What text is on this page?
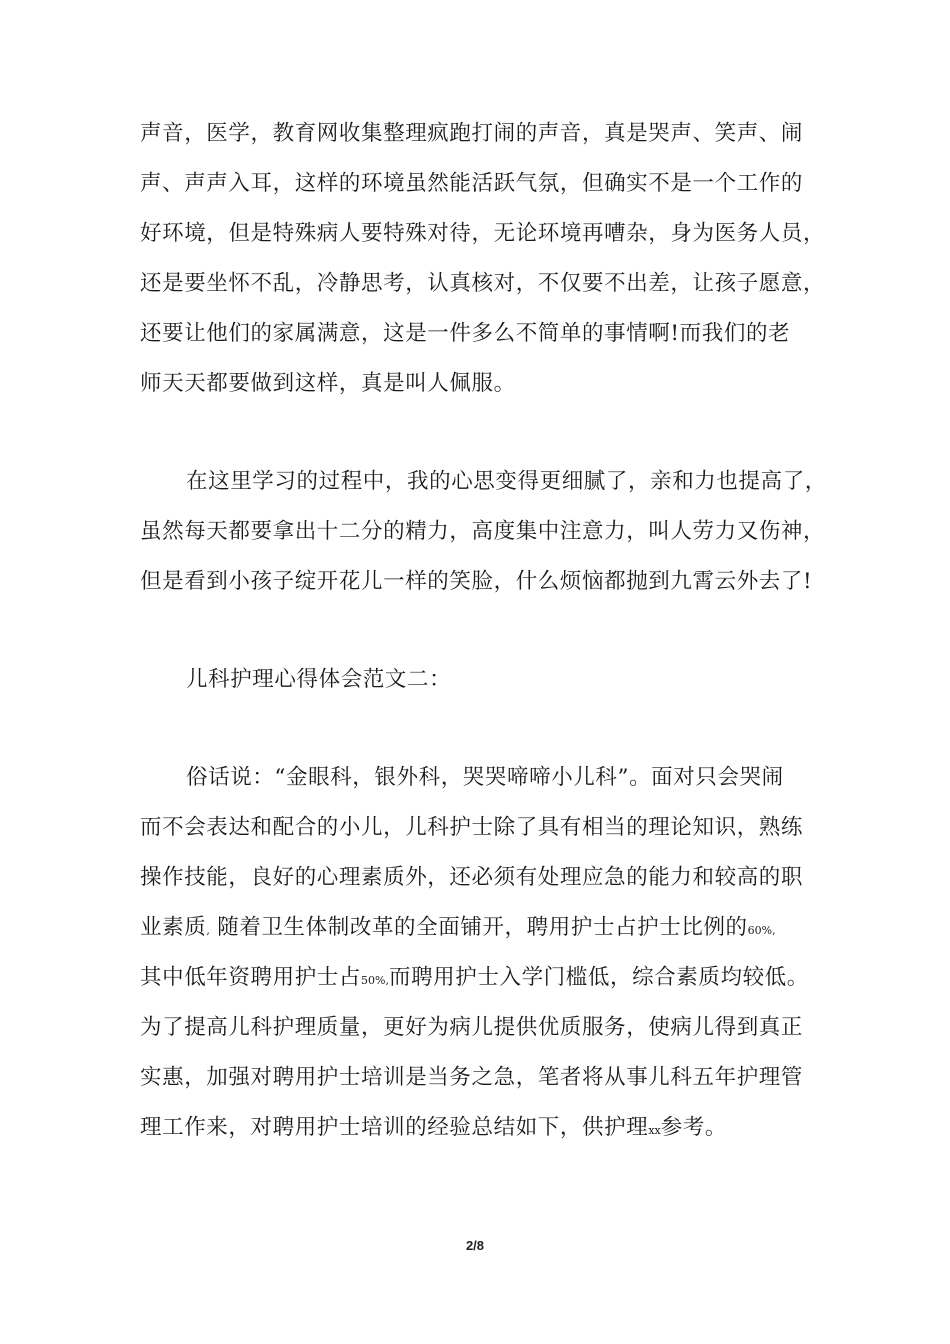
声音，医学，教育网收集整理疯跑打闹的声音，真是哭声、笑声、闹
声、声声入耳，这样的环境虽然能活跃气氛，但确实不是一个工作的
好环境，但是特殊病人要特殊对待，无论环境再嘈杂，身为医务人员，
还是要坐怀不乱，冷静思考，认真核对，不仅要不出差，让孩子愿意，
还要让他们的家属满意，这是一件多么不简单的事情啊!而我们的老
师天天都要做到这样，真是叫人佩服。
在这里学习的过程中，我的心思变得更细腻了，亲和力也提高了，
虽然每天都要拿出十二分的精力，高度集中注意力，叫人劳力又伤神，
但是看到小孩子绽开花儿一样的笑脸，什么烦恼都抛到九霄云外去了!
儿科护理心得体会范文二：
俗话说：“金眼科，银外科，哭哭啼啼小儿科”。面对只会哭闹
而不会表达和配合的小儿，儿科护士除了具有相当的理论知识，熟练
操作技能，良好的心理素质外，还必须有处理应急的能力和较高的职
业素质, 随着卫生体制改革的全面铺开，聘用护士占护士比例的60%,
其中低年资聘用护士占50%,而聘用护士入学门槛低，综合素质均较低。
为了提高儿科护理质量，更好为病儿提供优质服务，使病儿得到真正
实惠，加强对聘用护士培训是当务之急，笔者将从事儿科五年护理管
理工作来，对聘用护士培训的经验总结如下，供护理xx参考。
2/8
